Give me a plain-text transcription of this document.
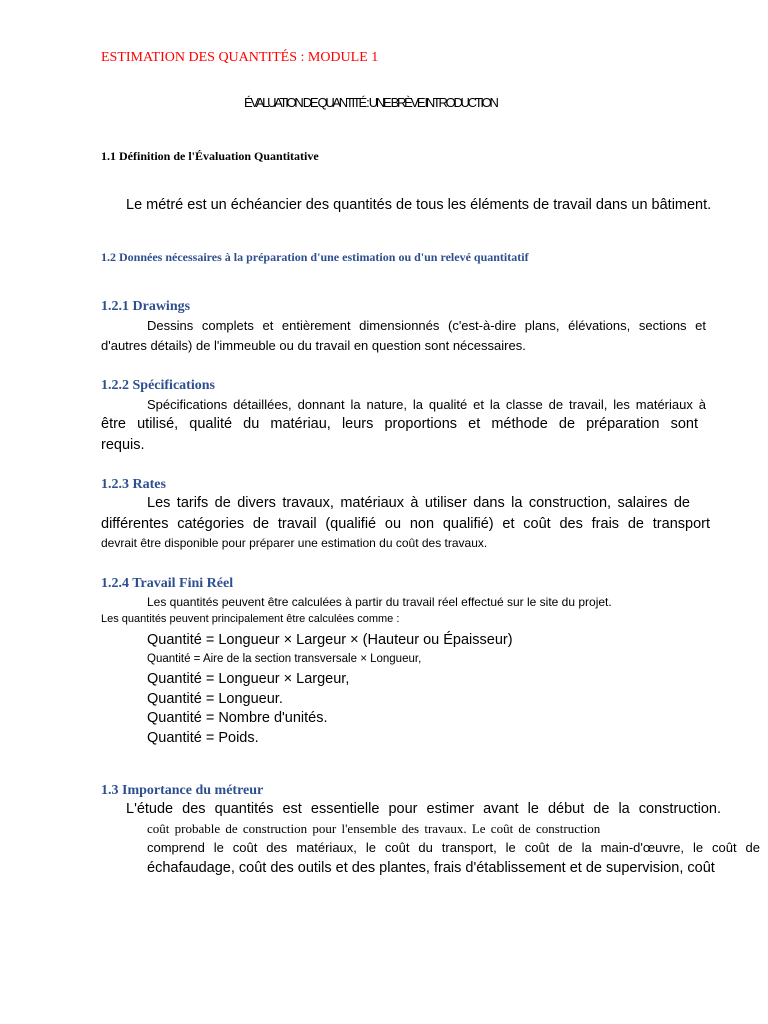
ESTIMATION DES QUANTITÉS : MODULE 1
ÉVALUATION DE QUANTITÉ : UNE BRÈVE INTRODUCTION
1.1 Définition de l'Évaluation Quantitative
Le métré est un échéancier des quantités de tous les éléments de travail dans un bâtiment.
1.2 Données nécessaires à la préparation d'une estimation ou d'un relevé quantitatif
1.2.1 Drawings
Dessins complets et entièrement dimensionnés (c'est-à-dire plans, élévations, sections et
d'autres détails) de l'immeuble ou du travail en question sont nécessaires.
1.2.2 Spécifications
Spécifications détaillées, donnant la nature, la qualité et la classe de travail, les matériaux à
être utilisé, qualité du matériau, leurs proportions et méthode de préparation sont
requis.
1.2.3 Rates
Les tarifs de divers travaux, matériaux à utiliser dans la construction, salaires de
différentes catégories de travail (qualifié ou non qualifié) et coût des frais de transport
devrait être disponible pour préparer une estimation du coût des travaux.
1.2.4 Travail Fini Réel
Les quantités peuvent être calculées à partir du travail réel effectué sur le site du projet.
Les quantités peuvent principalement être calculées comme :
Quantité = Longueur × Largeur × (Hauteur ou Épaisseur)
Quantité = Aire de la section transversale × Longueur,
Quantité = Longueur × Largeur,
Quantité = Longueur.
Quantité = Nombre d'unités.
Quantité = Poids.
1.3 Importance du métreur
L'étude des quantités est essentielle pour estimer avant le début de la construction.
coût probable de construction pour l'ensemble des travaux. Le coût de construction
comprend le coût des matériaux, le coût du transport, le coût de la main-d'œuvre, le coût de
échafaudage, coût des outils et des plantes, frais d'établissement et de supervision, coût
